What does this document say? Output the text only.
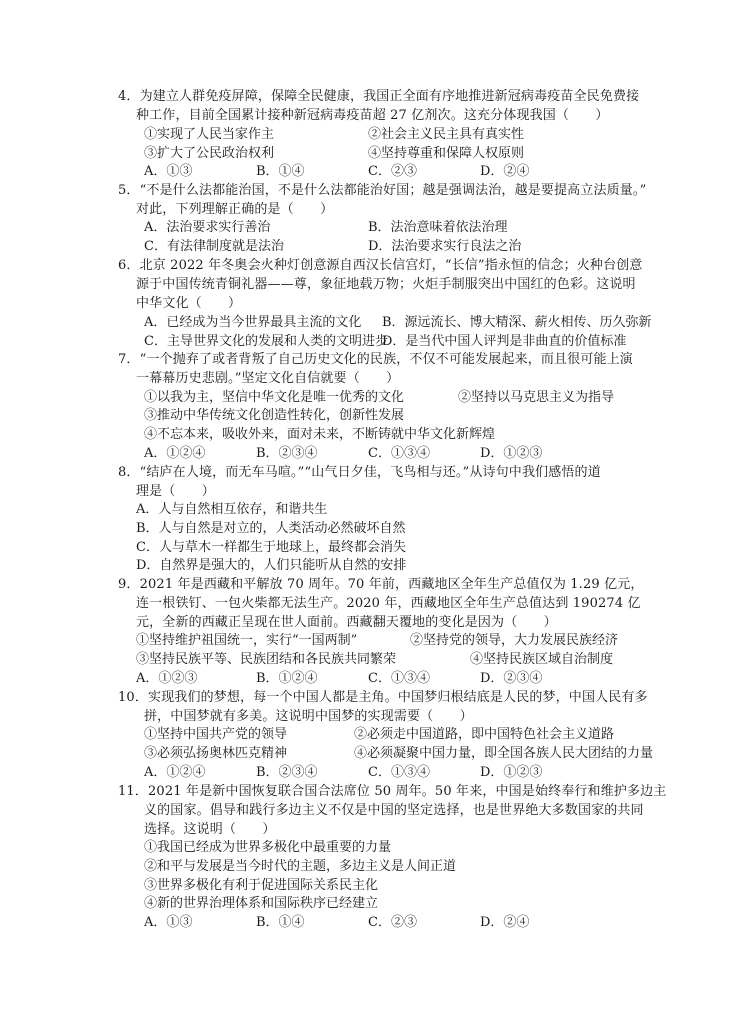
4．为建立人群免疫屏障，保障全民健康，我国正全面有序地推进新冠病毒疫苗全民免费接
种工作，目前全国累计接种新冠病毒疫苗超 27 亿剂次。这充分体现我国（　　）
①实现了人民当家作主	②社会主义民主具有真实性
③扩大了公民政治权利	④坚持尊重和保障人权原则
A．①③	B．①④	C．②③	D．②④
5．“不是什么法都能治国，不是什么法都能治好国；越是强调法治，越是要提高立法质量。”
对此，下列理解正确的是（　　）
A．法治要求实行善治	B．法治意味着依法治理
C．有法律制度就是法治	D．法治要求实行良法之治
6．北京 2022 年冬奥会火种灯创意源自西汉长信宫灯，“长信”指永恒的信念；火种台创意
源于中国传统青铜礼器——尊，象征地载万物；火炬手制服突出中国红的色彩。这说明
中华文化（　　）
A．已经成为当今世界最具主流的文化 B．源远流长、博大精深、薪火相传、历久弥新
C．主导世界文化的发展和人类的文明进步
D．是当代中国人评判是非曲直的价值标准
7．“一个抛弃了或者背叛了自己历史文化的民族，不仅不可能发展起来，而且很可能上演
一幕幕历史悲剧。”坚定文化自信就要（　　）
①以我为主，坚信中华文化是唯一优秀的文化	②坚持以马克思主义为指导
③推动中华传统文化创造性转化，创新性发展
④不忘本来，吸收外来，面对未来，不断铸就中华文化新辉煌
A．①②④	B．②③④	C．①③④	D．①②③
8．“结庐在人境，而无车马喧。”“山气日夕佳，飞鸟相与还。”从诗句中我们感悟的道
理是（　　）
A．人与自然相互依存，和谐共生
B．人与自然是对立的，人类活动必然破坏自然
C．人与草木一样都生于地球上，最终都会消失
D．自然界是强大的，人们只能听从自然的安排
9．2021 年是西藏和平解放 70 周年。70 年前，西藏地区全年生产总值仅为 1.29 亿元，
连一根铁钉、一包火柴都无法生产。2020 年，西藏地区全年生产总值达到 190274 亿
元，全新的西藏正呈现在世人面前。西藏翻天覆地的变化是因为（　　）
①坚持维护祖国统一，实行“一国两制”	②坚持党的领导，大力发展民族经济
③坚持民族平等、民族团结和各民族共同繁荣	④坚持民族区域自治制度
A．①②③	B．①②④	C．①③④	D．②③④
10．实现我们的梦想，每一个中国人都是主角。中国梦归根结底是人民的梦，中国人民有多
拼，中国梦就有多美。这说明中国梦的实现需要（　　）
①坚持中国共产党的领导	②必须走中国道路，即中国特色社会主义道路
③必须弘扬奥林匹克精神	④必须凝聚中国力量，即全国各族人民大团结的力量
A．①②④	B．②③④	C．①③④	D．①②③
11．2021 年是新中国恢复联合国合法席位 50 周年。50 年来，中国是始终奉行和维护多边主
义的国家。倡导和践行多边主义不仅是中国的坚定选择，也是世界绝大多数国家的共同
选择。这说明（　　）
①我国已经成为世界多极化中最重要的力量
②和平与发展是当今时代的主题，多边主义是人间正道
③世界多极化有利于促进国际关系民主化
④新的世界治理体系和国际秩序已经建立
A．①③	B．①④	C．②③	D．②④
